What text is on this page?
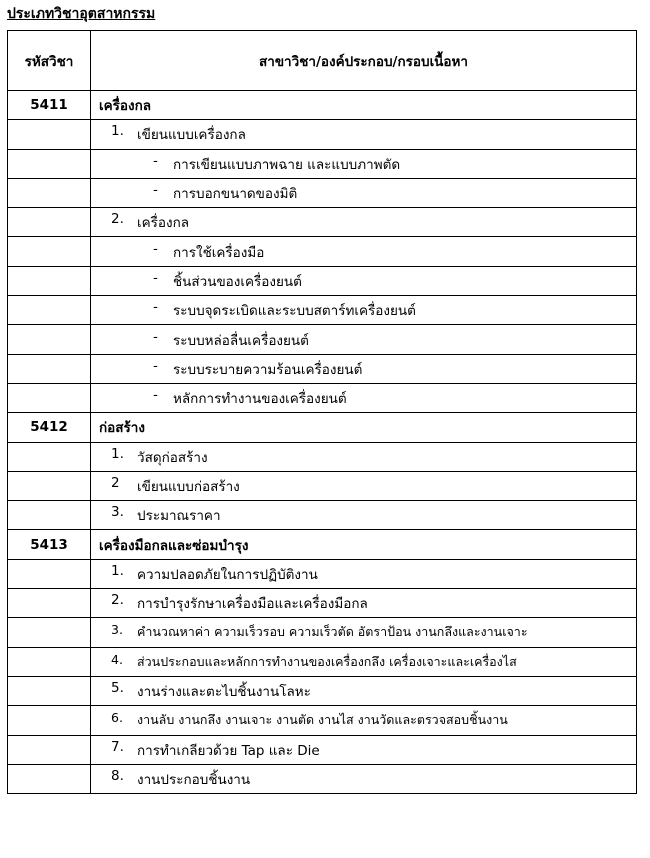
ประเภทวิชาอุตสาหกรรม
รหัสวิชา	สาขาวิชา/องค์ประกอบ/กรอบเนื้อหา
5411	เครื่องกล

	1. เขียนแบบเครื่องกล

	- การเขียนแบบภาพฉาย และแบบภาพตัด

	- การบอกขนาดของมิติ

	2. เครื่องกล

	- การใช้เครื่องมือ

	- ชิ้นส่วนของเครื่องยนต์

	- ระบบจุดระเบิดและระบบสตาร์ทเครื่องยนต์

	- ระบบหล่อลื่นเครื่องยนต์

	- ระบบระบายความร้อนเครื่องยนต์

	- หลักการทำงานของเครื่องยนต์

5412	ก่อสร้าง

	1. วัสดุก่อสร้าง

	2 เขียนแบบก่อสร้าง

	3. ประมาณราคา

5413	เครื่องมือกลและซ่อมบำรุง

	1. ความปลอดภัยในการปฏิบัติงาน

	2. การบำรุงรักษาเครื่องมือและเครื่องมือกล

	3. คำนวณหาค่า ความเร็วรอบ ความเร็วตัด อัตราป้อน งานกลึงและงานเจาะ

	4. ส่วนประกอบและหลักการทำงานของเครื่องกลึง เครื่องเจาะและเครื่องไส

	5. งานร่างและตะไบชิ้นงานโลหะ

	6. งานลับ งานกลึง งานเจาะ งานตัด งานไส งานวัดและตรวจสอบชิ้นงาน

	7. การทำเกลียวด้วย Tap และ Die

	8. งานประกอบชิ้นงาน
